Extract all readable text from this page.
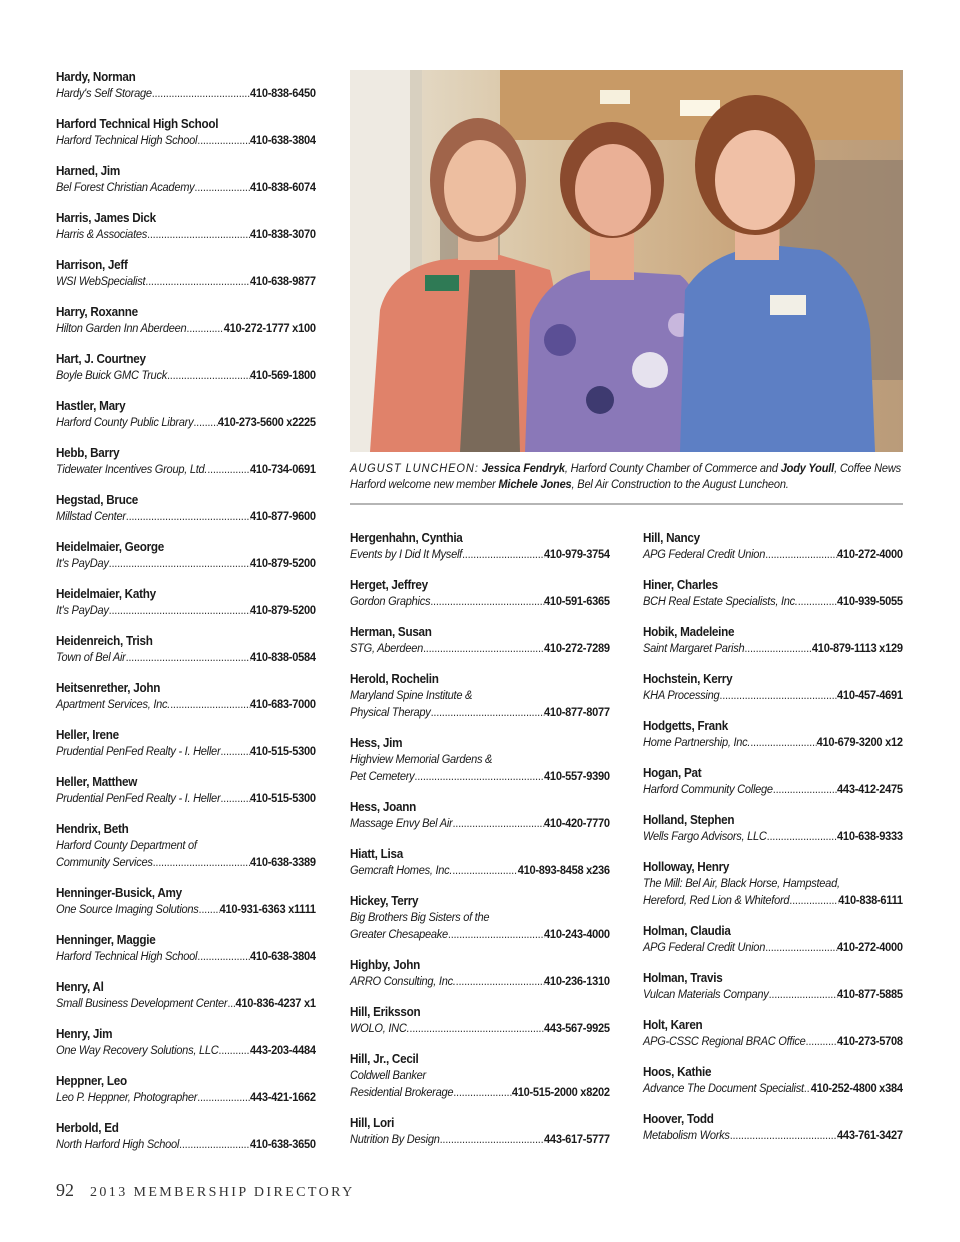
Hardy, Norman
Hardy's Self Storage .....	410-838-6450
Harford Technical High School
Harford Technical High School .....	410-638-3804
Harned, Jim
Bel Forest Christian Academy .....	410-838-6074
Harris, James Dick
Harris & Associates .....	410-838-3070
Harrison, Jeff
WSI WebSpecialist .....	410-638-9877
Harry, Roxanne
Hilton Garden Inn Aberdeen .....	410-272-1777 x100
Hart, J. Courtney
Boyle Buick GMC Truck .....	410-569-1800
Hastler, Mary
Harford County Public Library ..... 410-273-5600 x2225
Hebb, Barry
Tidewater Incentives Group, Ltd. .....	410-734-0691
Hegstad, Bruce
Millstad Center .....	410-877-9600
Heidelmaier, George
It's PayDay .....	410-879-5200
Heidelmaier, Kathy
It's PayDay .....	410-879-5200
Heidenreich, Trish
Town of Bel Air .....	410-838-0584
Heitsenrether, John
Apartment Services, Inc. .....	410-683-7000
Heller, Irene
Prudential PenFed Realty - I. Heller ..... 410-515-5300
Heller, Matthew
Prudential PenFed Realty - I. Heller ..... 410-515-5300
Hendrix, Beth
Harford County Department of
Community Services .....	410-638-3389
Henninger-Busick, Amy
One Source Imaging Solutions ..... 410-931-6363 x1111
Henninger, Maggie
Harford Technical High School .....	410-638-3804
Henry, Al
Small Business Development Center ..... 410-836-4237 x1
Henry, Jim
One Way Recovery Solutions, LLC .....	443-203-4484
Heppner, Leo
Leo P. Heppner, Photographer .....	443-421-1662
Herbold, Ed
North Harford High School .....	410-638-3650
AUGUST LUNCHEON: Jessica Fendryk, Harford County Chamber of Commerce and Jody Youll, Coffee News Harford welcome new member Michele Jones, Bel Air Construction to the August Luncheon.
Hergenhahn, Cynthia
Events by I Did It Myself .....	410-979-3754
Herget, Jeffrey
Gordon Graphics .....	410-591-6365
Herman, Susan
STG, Aberdeen .....	410-272-7289
Herold, Rochelin
Maryland Spine Institute &
Physical Therapy .....	410-877-8077
Hess, Jim
Highview Memorial Gardens &
Pet Cemetery .....	410-557-9390
Hess, Joann
Massage Envy Bel Air .....	410-420-7770
Hiatt, Lisa
Gemcraft Homes, Inc. .....	410-893-8458 x236
Hickey, Terry
Big Brothers Big Sisters of the
Greater Chesapeake .....	410-243-4000
Highby, John
ARRO Consulting, Inc. .....	410-236-1310
Hill, Eriksson
WOLO, INC. .....	443-567-9925
Hill, Jr., Cecil
Coldwell Banker
Residential Brokerage .....	410-515-2000 x8202
Hill, Lori
Nutrition By Design .....	443-617-5777
Hill, Nancy
APG Federal Credit Union .....	410-272-4000
Hiner, Charles
BCH Real Estate Specialists, Inc. .....	410-939-5055
Hobik, Madeleine
Saint Margaret Parish .....	410-879-1113 x129
Hochstein, Kerry
KHA Processing .....	410-457-4691
Hodgetts, Frank
Home Partnership, Inc. .....	410-679-3200 x12
Hogan, Pat
Harford Community College .....	443-412-2475
Holland, Stephen
Wells Fargo Advisors, LLC .....	410-638-9333
Holloway, Henry
The Mill: Bel Air, Black Horse, Hampstead,
Hereford, Red Lion & Whiteford .....	410-838-6111
Holman, Claudia
APG Federal Credit Union .....	410-272-4000
Holman, Travis
Vulcan Materials Company .....	410-877-5885
Holt, Karen
APG-CSSC Regional BRAC Office .....	410-273-5708
Hoos, Kathie
Advance The Document Specialist ..... 410-252-4800 x384
Hoover, Todd
Metabolism Works .....	443-761-3427
92 2013 MEMBERSHIP DIRECTORY
